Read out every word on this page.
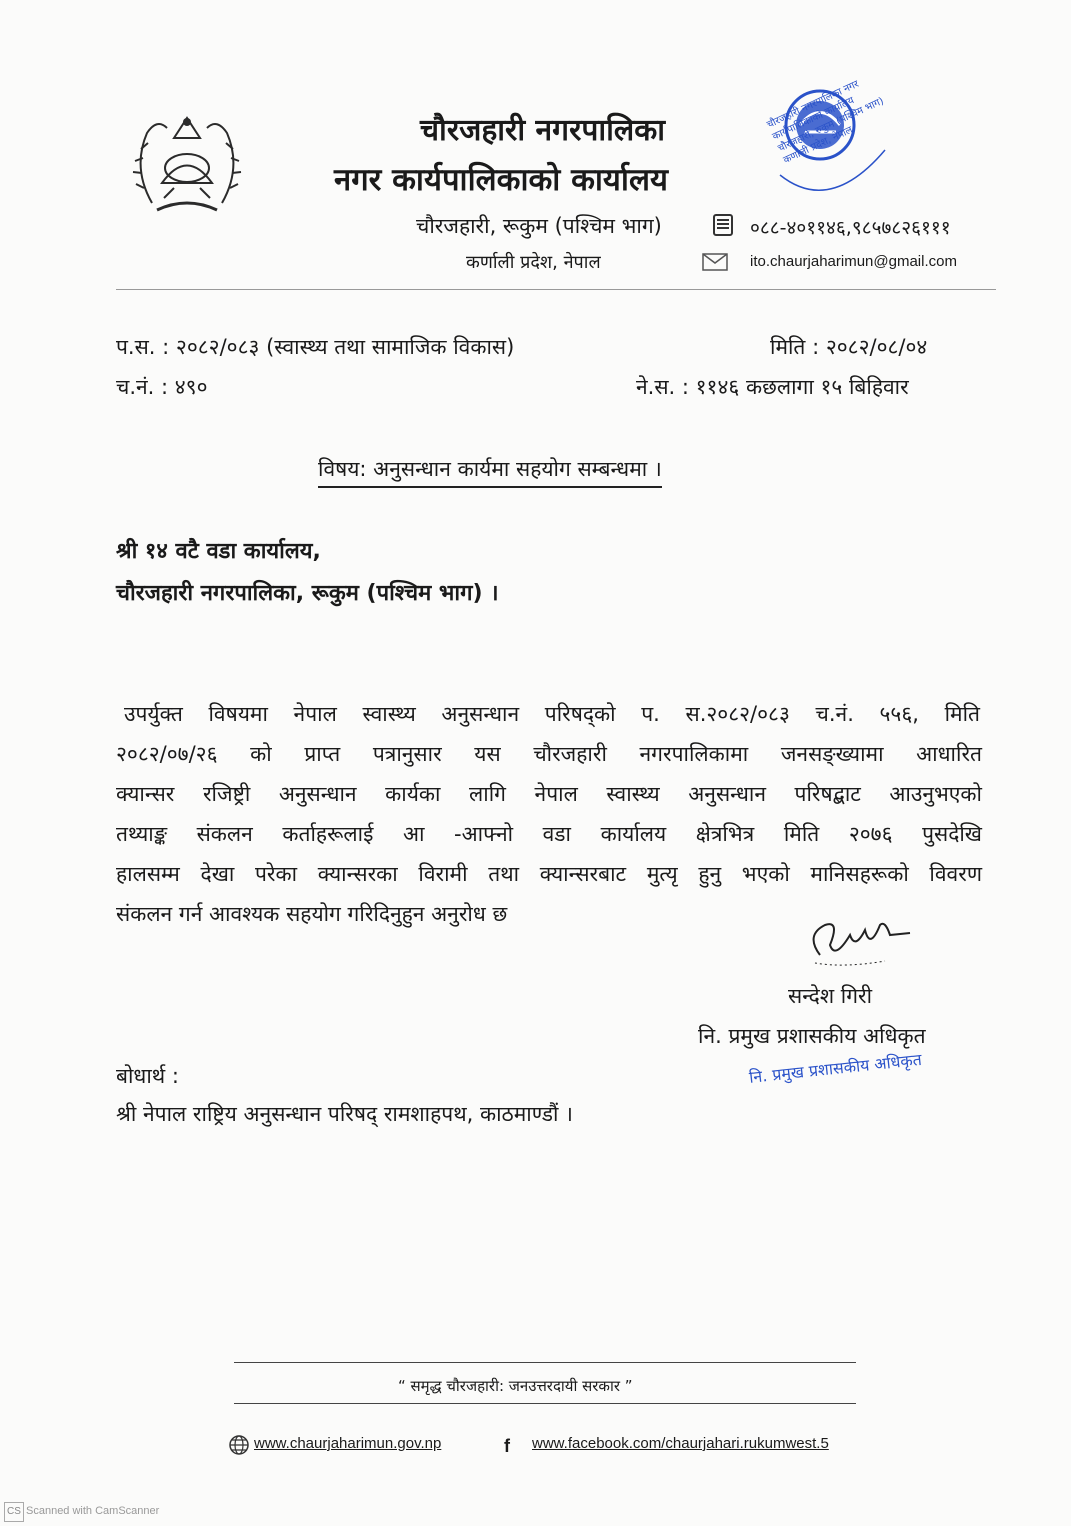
चौरजहारी नगरपालिका
नगर कार्यपालिकाको कार्यालय
चौरजहारी, रूकुम (पश्चिम भाग)	०८८-४०११४६,९८५७८२६१११
कर्णाली प्रदेश, नेपाल	ito.chaurjaharimun@gmail.com
चौरजहारी नगरपालिका नगर कार्यपालिकाको कार्यालय चौरजहारी, रुकुम (पश्चिम भाग) कर्णाली प्रदेश, नेपाल
प.स. : २०८२/०८३ (स्वास्थ्य तथा सामाजिक विकास)	मिति : २०८२/०८/०४
च.नं. : ४९०	ने.स. : ११४६ कछलागा १५ बिहिवार
विषय: अनुसन्धान कार्यमा सहयोग सम्बन्धमा ।
श्री १४ वटै वडा कार्यालय,
चौरजहारी नगरपालिका, रूकुम (पश्चिम भाग) ।
उपर्युक्त विषयमा नेपाल स्वास्थ्य अनुसन्धान परिषद्को प. स.२०८२/०८३ च.नं. ५५६, मिति
२०८२/०७/२६ को प्राप्त पत्रानुसार यस चौरजहारी नगरपालिकामा जनसङ्ख्यामा आधारित
क्यान्सर रजिष्ट्री अनुसन्धान कार्यका लागि नेपाल स्वास्थ्य अनुसन्धान परिषद्बाट आउनुभएको
तथ्याङ्क संकलन कर्ताहरूलाई आ -आफ्नो वडा कार्यालय क्षेत्रभित्र मिति २०७६ पुसदेखि
हालसम्म देखा परेका क्यान्सरका विरामी तथा क्यान्सरबाट मुत्यृ हुनु भएको मानिसहरूको विवरण
संकलन गर्न आवश्यक सहयोग गरिदिनुहुन अनुरोध छ
सन्देश गिरी
नि. प्रमुख प्रशासकीय अधिकृत
नि. प्रमुख प्रशासकीय अधिकृत
बोधार्थ :
श्री नेपाल राष्ट्रिय अनुसन्धान परिषद् रामशाहपथ, काठमाण्डौं ।
“ समृद्ध चौरजहारी: जनउत्तरदायी सरकार ”
www.chaurjaharimun.gov.np	f www.facebook.com/chaurjahari.rukumwest.5
CS Scanned with CamScanner
